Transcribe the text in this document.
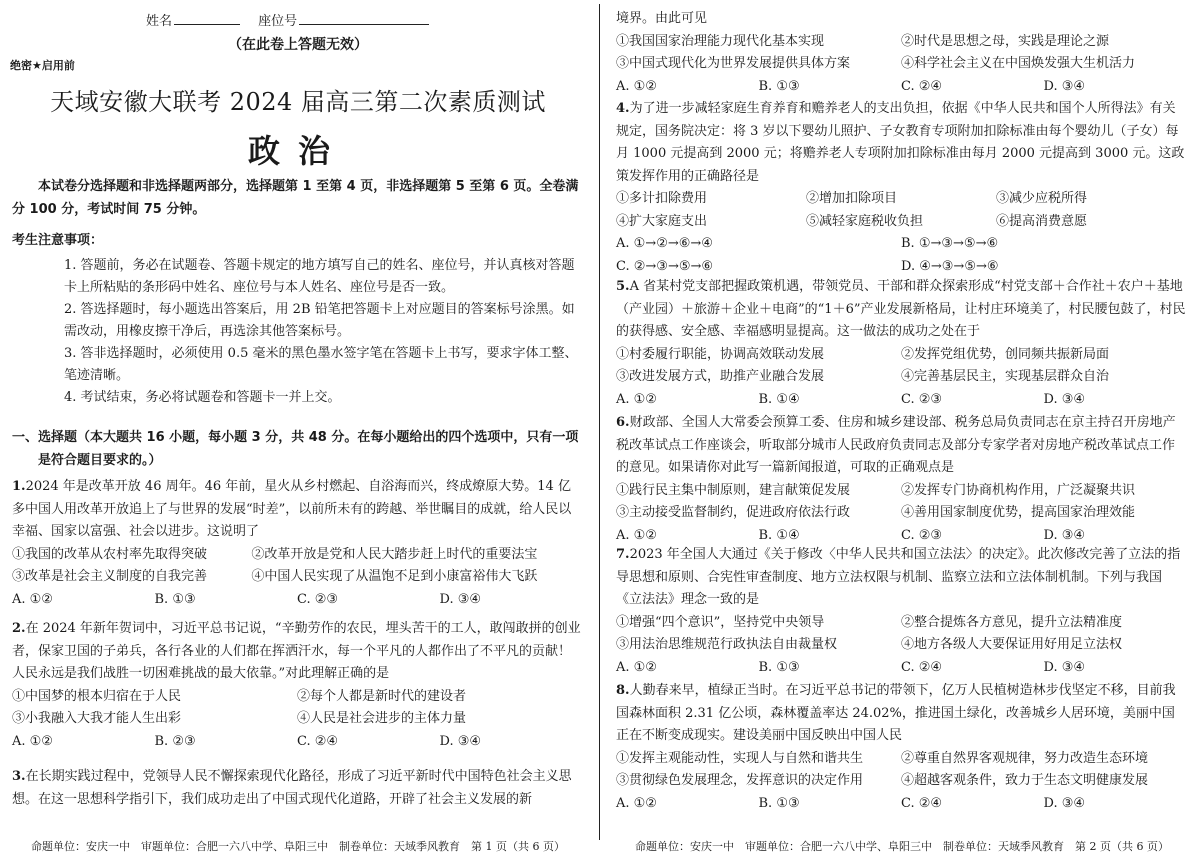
姓名	座位号
（在此卷上答题无效）
绝密★启用前
天域安徽大联考 2024 届高三第二次素质测试
政治

本试卷分选择题和非选择题两部分，选择题第 1 至第 4 页，非选择题第 5 至第 6 页。全卷满分 100 分，考试时间 75 分钟。

考生注意事项：

1. 答题前，务必在试题卷、答题卡规定的地方填写自己的姓名、座位号，并认真核对答题卡上所粘贴的条形码中姓名、座位号与本人姓名、座位号是否一致。

2. 答选择题时，每小题选出答案后，用 2B 铅笔把答题卡上对应题目的答案标号涂黑。如需改动，用橡皮擦干净后，再选涂其他答案标号。

3. 答非选择题时，必须使用 0.5 毫米的黑色墨水签字笔在答题卡上书写，要求字体工整、笔迹清晰。

4. 考试结束，务必将试题卷和答题卡一并上交。

一、选择题（本大题共 16 小题，每小题 3 分，共 48 分。在每小题给出的四个选项中，只有一项是符合题目要求的。）

1.2024 年是改革开放 46 周年。46 年前，星火从乡村燃起、自浴海而兴，终成燎原大势。14 亿多中国人用改革开放追上了与世界的发展“时差”，以前所未有的跨越、举世瞩目的成就，给人民以幸福、国家以富强、社会以进步。这说明了

①我国的改革从农村率先取得突破	②改革开放是党和人民大踏步赶上时代的重要法宝
③改革是社会主义制度的自我完善	④中国人民实现了从温饱不足到小康富裕伟大飞跃
A. ①②	B. ①③	C. ②③	D. ③④

2.在 2024 年新年贺词中，习近平总书记说，“辛勤劳作的农民，埋头苦干的工人，敢闯敢拼的创业者，保家卫国的子弟兵，各行各业的人们都在挥洒汗水，每一个平凡的人都作出了不平凡的贡献！人民永远是我们战胜一切困难挑战的最大依靠。”对此理解正确的是

①中国梦的根本归宿在于人民	②每个人都是新时代的建设者
③小我融入大我才能人生出彩	④人民是社会进步的主体力量
A. ①②	B. ②③	C. ②④	D. ③④

3.在长期实践过程中，党领导人民不懈探索现代化路径，形成了习近平新时代中国特色社会主义思想。在这一思想科学指引下，我们成功走出了中国式现代化道路，开辟了社会主义发展的新

命题单位：安庆一中　审题单位：合肥一六八中学、阜阳三中　制卷单位：天域季风教育　第 1 页（共 6 页）

境界。由此可见

①我国国家治理能力现代化基本实现	②时代是思想之母，实践是理论之源
③中国式现代化为世界发展提供具体方案	④科学社会主义在中国焕发强大生机活力
A. ①②	B. ①③	C. ②④	D. ③④

4.为了进一步减轻家庭生育养育和赡养老人的支出负担，依据《中华人民共和国个人所得法》有关规定，国务院决定：将 3 岁以下婴幼儿照护、子女教育专项附加扣除标准由每个婴幼儿（子女）每月 1000 元提高到 2000 元；将赡养老人专项附加扣除标准由每月 2000 元提高到 3000 元。这政策发挥作用的正确路径是

①多计扣除费用	②增加扣除项目	③减少应税所得
④扩大家庭支出	⑤减轻家庭税收负担	⑥提高消费意愿
A. ①→②→⑥→④	B. ①→③→⑤→⑥
C. ②→③→⑤→⑥	D. ④→③→⑤→⑥

5.A 省某村党支部把握政策机遇，带领党员、干部和群众探索形成“村党支部＋合作社＋农户＋基地（产业园）＋旅游＋企业＋电商”的“1＋6”产业发展新格局，让村庄环境美了，村民腰包鼓了，村民的获得感、安全感、幸福感明显提高。这一做法的成功之处在于

①村委履行职能，协调高效联动发展	②发挥党组优势，创同频共振新局面
③改进发展方式，助推产业融合发展	④完善基层民主，实现基层群众自治
A. ①②	B. ①④	C. ②③	D. ③④

6.财政部、全国人大常委会预算工委、住房和城乡建设部、税务总局负责同志在京主持召开房地产税改革试点工作座谈会，听取部分城市人民政府负责同志及部分专家学者对房地产税改革试点工作的意见。如果请你对此写一篇新闻报道，可取的正确观点是

①践行民主集中制原则，建言献策促发展	②发挥专门协商机构作用，广泛凝聚共识
③主动接受监督制约，促进政府依法行政	④善用国家制度优势，提高国家治理效能
A. ①②	B. ①④	C. ②③	D. ③④

7.2023 年全国人大通过《关于修改〈中华人民共和国立法法〉的决定》。此次修改完善了立法的指导思想和原则、合宪性审查制度、地方立法权限与机制、监察立法和立法体制机制。下列与我国《立法法》理念一致的是

①增强“四个意识”，坚持党中央领导	②整合提炼各方意见，提升立法精准度
③用法治思维规范行政执法自由裁量权	④地方各级人大要保证用好用足立法权
A. ①②	B. ①③	C. ②④	D. ③④

8.人勤春来早，植绿正当时。在习近平总书记的带领下，亿万人民植树造林步伐坚定不移，目前我国森林面积 2.31 亿公顷，森林覆盖率达 24.02%，推进国土绿化，改善城乡人居环境，美丽中国正在不断变成现实。建设美丽中国反映出中国人民

①发挥主观能动性，实现人与自然和谐共生	②尊重自然界客观规律，努力改造生态环境
③贯彻绿色发展理念，发挥意识的决定作用	④超越客观条件，致力于生态文明健康发展
A. ①②	B. ①③	C. ②④	D. ③④
命题单位：安庆一中　审题单位：合肥一六八中学、阜阳三中　制卷单位：天域季风教育　第 2 页（共 6 页）
